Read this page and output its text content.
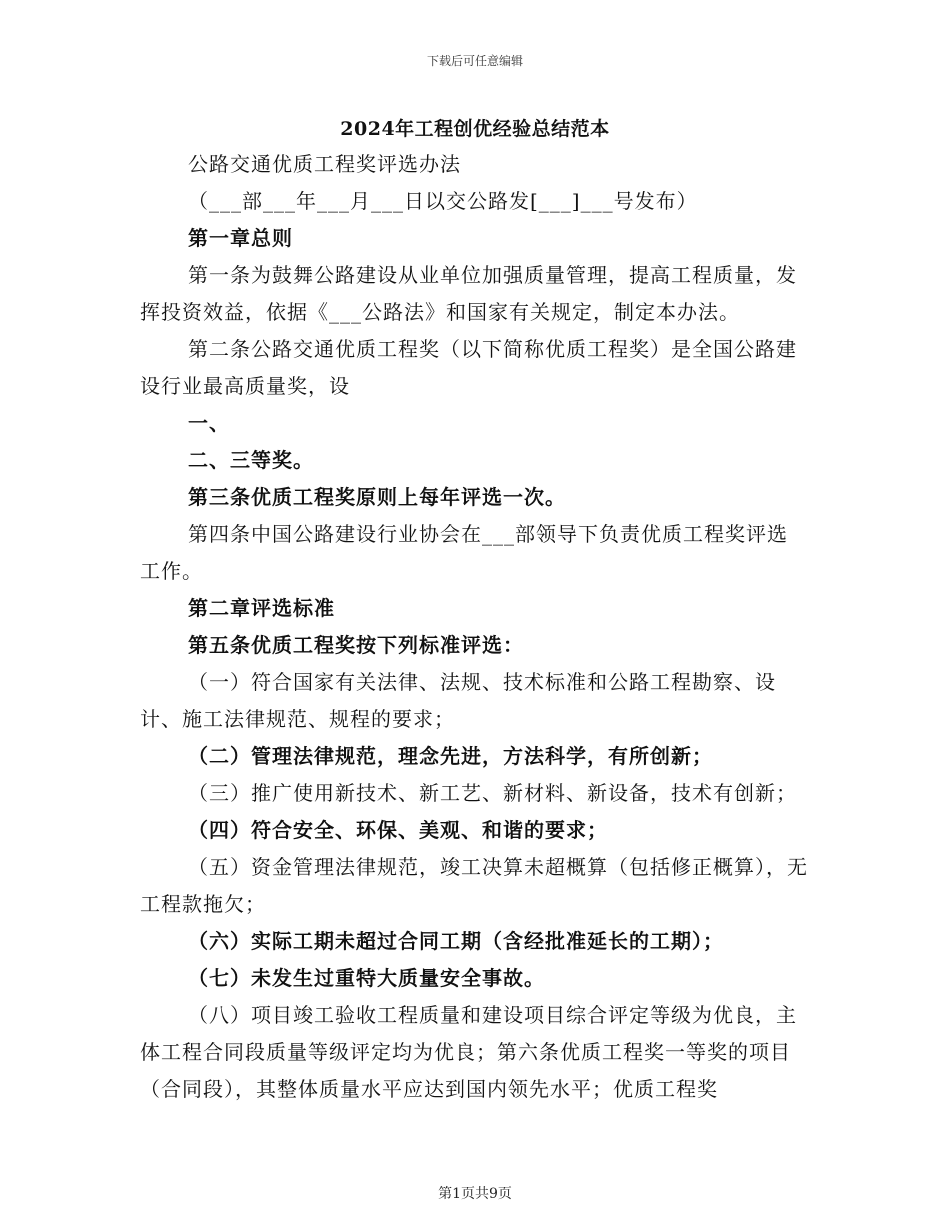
下载后可任意编辑
2024年工程创优经验总结范本

公路交通优质工程奖评选办法

（___部___年___月___日以交公路发[___]___号发布）

第一章总则

第一条为鼓舞公路建设从业单位加强质量管理，提高工程质量，发挥投资效益，依据《___公路法》和国家有关规定，制定本办法。

第二条公路交通优质工程奖（以下简称优质工程奖）是全国公路建设行业最高质量奖，设

一、

二、三等奖。

第三条优质工程奖原则上每年评选一次。

第四条中国公路建设行业协会在___部领导下负责优质工程奖评选工作。

第二章评选标准

第五条优质工程奖按下列标准评选：

（一）符合国家有关法律、法规、技术标准和公路工程勘察、设计、施工法律规范、规程的要求；

（二）管理法律规范，理念先进，方法科学，有所创新；

（三）推广使用新技术、新工艺、新材料、新设备，技术有创新；

（四）符合安全、环保、美观、和谐的要求；

（五）资金管理法律规范，竣工决算未超概算（包括修正概算），无工程款拖欠；

（六）实际工期未超过合同工期（含经批准延长的工期）；

（七）未发生过重特大质量安全事故。

（八）项目竣工验收工程质量和建设项目综合评定等级为优良，主体工程合同段质量等级评定均为优良；第六条优质工程奖一等奖的项目（合同段），其整体质量水平应达到国内领先水平；优质工程奖

第1页共9页
